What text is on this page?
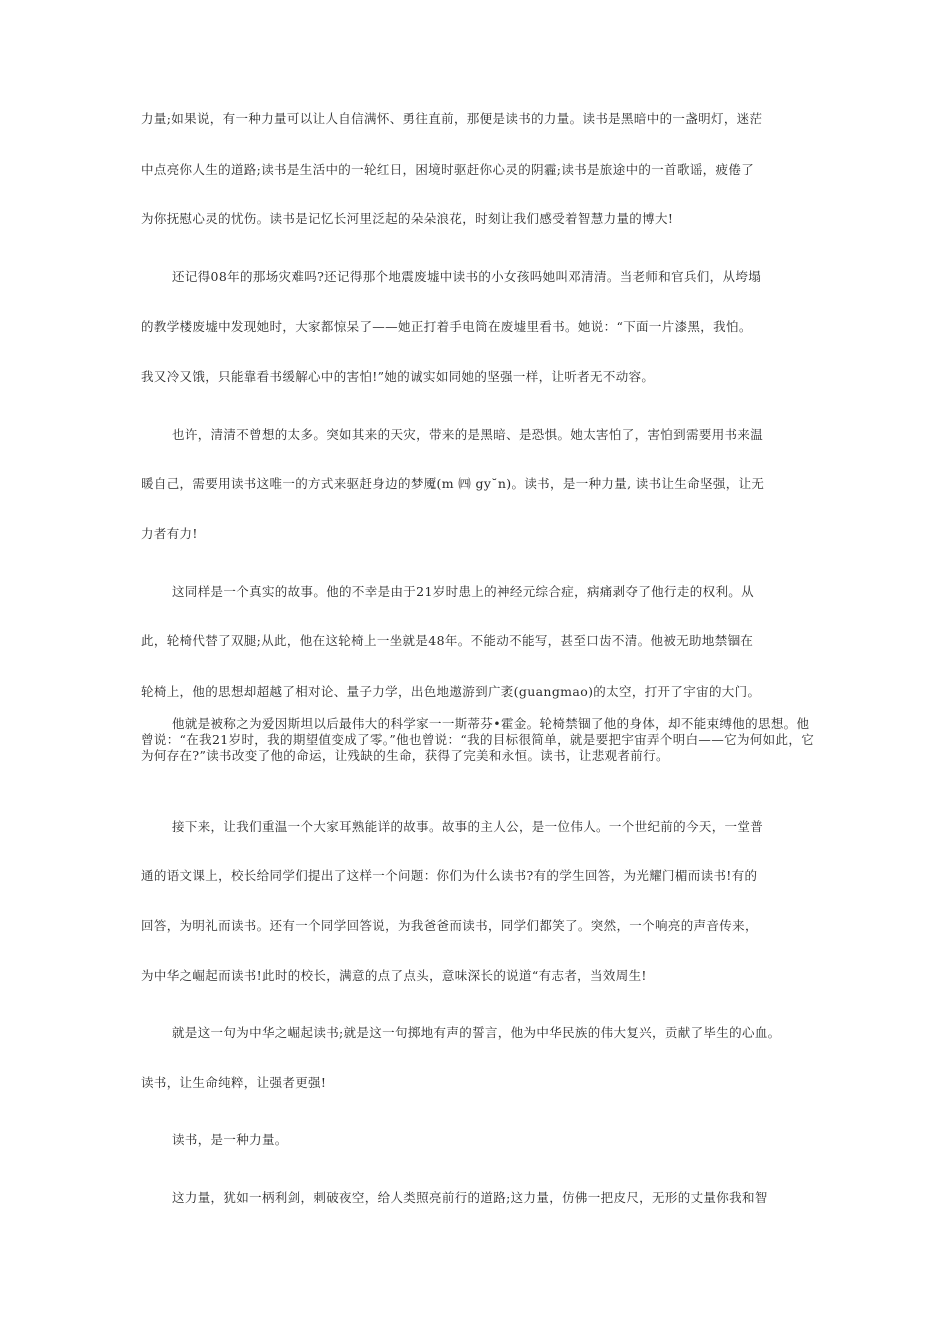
力量;如果说，有一种力量可以让人自信满怀、勇往直前，那便是读书的力量。读书是黑暗中的一盏明灯，迷茫

中点亮你人生的道路;读书是生活中的一轮红日，困境时驱赶你心灵的阴霾;读书是旅途中的一首歌谣，疲倦了

为你抚慰心灵的忧伤。读书是记忆长河里泛起的朵朵浪花，时刻让我们感受着智慧力量的博大!

还记得08年的那场灾难吗?还记得那个地震废墟中读书的小女孩吗她叫邓清清。当老师和官兵们，从垮塌

的教学楼废墟中发现她时，大家都惊呆了——她正打着手电筒在废墟里看书。她说：“下面一片漆黑，我怕。

我又冷又饿，只能靠看书缓解心中的害怕!”她的诚实如同她的坚强一样，让听者无不动容。

也许，清清不曾想的太多。突如其来的天灾，带来的是黑暗、是恐惧。她太害怕了，害怕到需要用书来温

暖自己，需要用读书这唯一的方式来驱赶身边的梦魇(m ㈣ gy˘n)。读书，是一种力量, 读书让生命坚强，让无

力者有力!

这同样是一个真实的故事。他的不幸是由于21岁时患上的神经元综合症，病痛剥夺了他行走的权利。从

此，轮椅代替了双腿;从此，他在这轮椅上一坐就是48年。不能动不能写，甚至口齿不清。他被无助地禁锢在

轮椅上，他的思想却超越了相对论、量子力学，出色地遨游到广袤(guangmao)的太空，打开了宇宙的大门。

他就是被称之为爱因斯坦以后最伟大的科学家一一斯蒂芬•霍金。轮椅禁锢了他的身体，却不能束缚他的思想。他曾说：“在我21岁时，我的期望值变成了零。”他也曾说：“我的目标很简单，就是要把宇宙弄个明白——它为何如此，它为何存在?”读书改变了他的命运，让残缺的生命，获得了完美和永恒。读书，让悲观者前行。

接下来，让我们重温一个大家耳熟能详的故事。故事的主人公，是一位伟人。一个世纪前的今天，一堂普

通的语文课上，校长给同学们提出了这样一个问题：你们为什么读书?有的学生回答，为光耀门楣而读书!有的

回答，为明礼而读书。还有一个同学回答说，为我爸爸而读书，同学们都笑了。突然，一个响亮的声音传来，

为中华之崛起而读书!此时的校长，满意的点了点头，意味深长的说道“有志者，当效周生!

就是这一句为中华之崛起读书;就是这一句掷地有声的誓言，他为中华民族的伟大复兴，贡献了毕生的心血。

读书，让生命纯粹，让强者更强!

读书，是一种力量。

这力量，犹如一柄利剑，刺破夜空，给人类照亮前行的道路;这力量，仿佛一把皮尺，无形的丈量你我和智
